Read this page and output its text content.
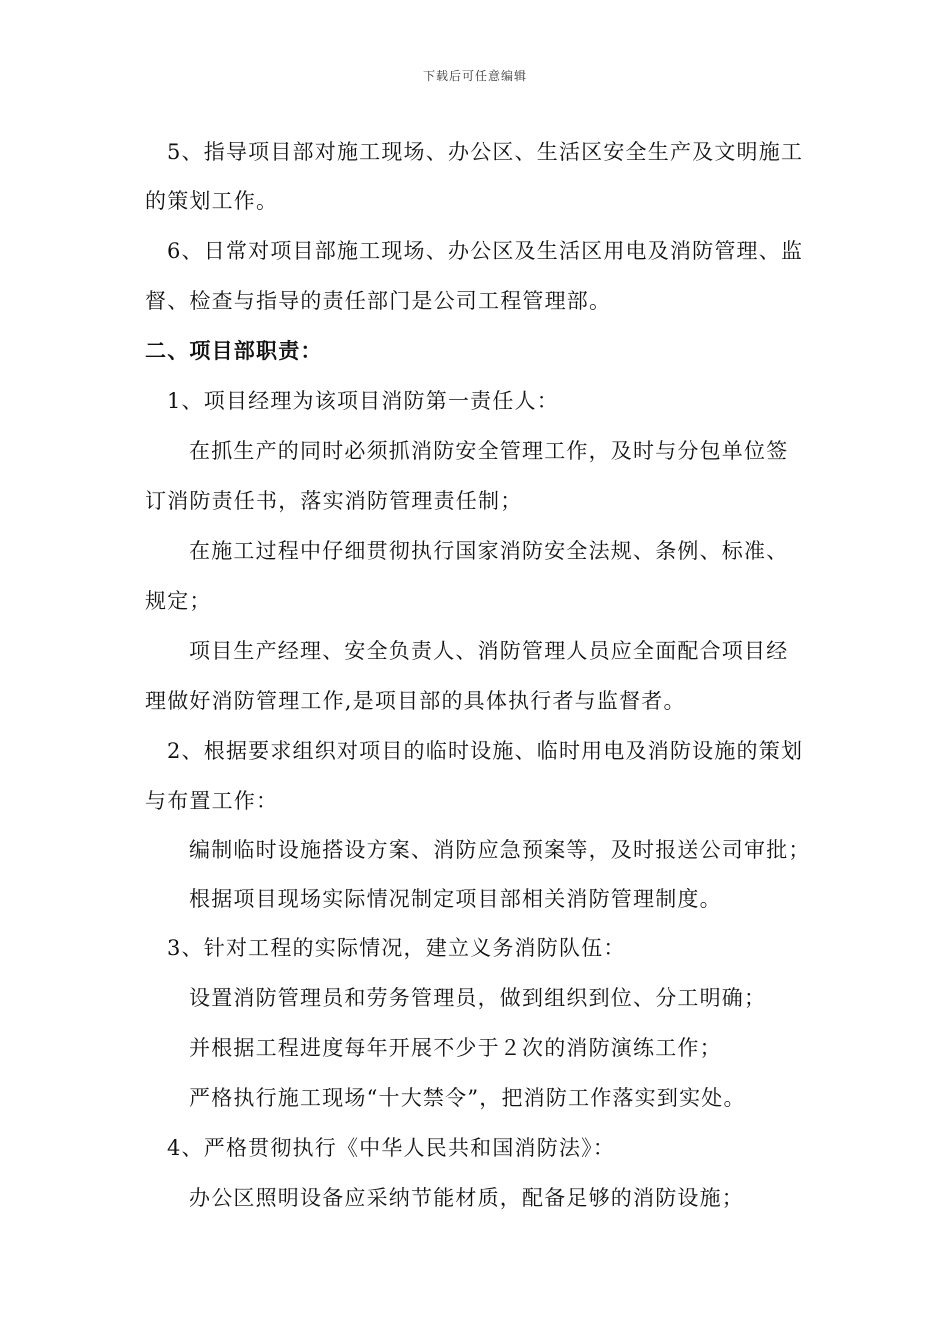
下载后可任意编辑
5、指导项目部对施工现场、办公区、生活区安全生产及文明施工
的策划工作。
6、日常对项目部施工现场、办公区及生活区用电及消防管理、监
督、检查与指导的责任部门是公司工程管理部。
二、项目部职责：
1、项目经理为该项目消防第一责任人：
在抓生产的同时必须抓消防安全管理工作，及时与分包单位签
订消防责任书，落实消防管理责任制；
在施工过程中仔细贯彻执行国家消防安全法规、条例、标准、
规定；
项目生产经理、安全负责人、消防管理人员应全面配合项目经
理做好消防管理工作,是项目部的具体执行者与监督者。
2、根据要求组织对项目的临时设施、临时用电及消防设施的策划
与布置工作：
编制临时设施搭设方案、消防应急预案等，及时报送公司审批；
根据项目现场实际情况制定项目部相关消防管理制度。
3、针对工程的实际情况，建立义务消防队伍：
设置消防管理员和劳务管理员，做到组织到位、分工明确；
并根据工程进度每年开展不少于２次的消防演练工作；
严格执行施工现场“十大禁令”，把消防工作落实到实处。
4、严格贯彻执行《中华人民共和国消防法》：
办公区照明设备应采纳节能材质，配备足够的消防设施；
